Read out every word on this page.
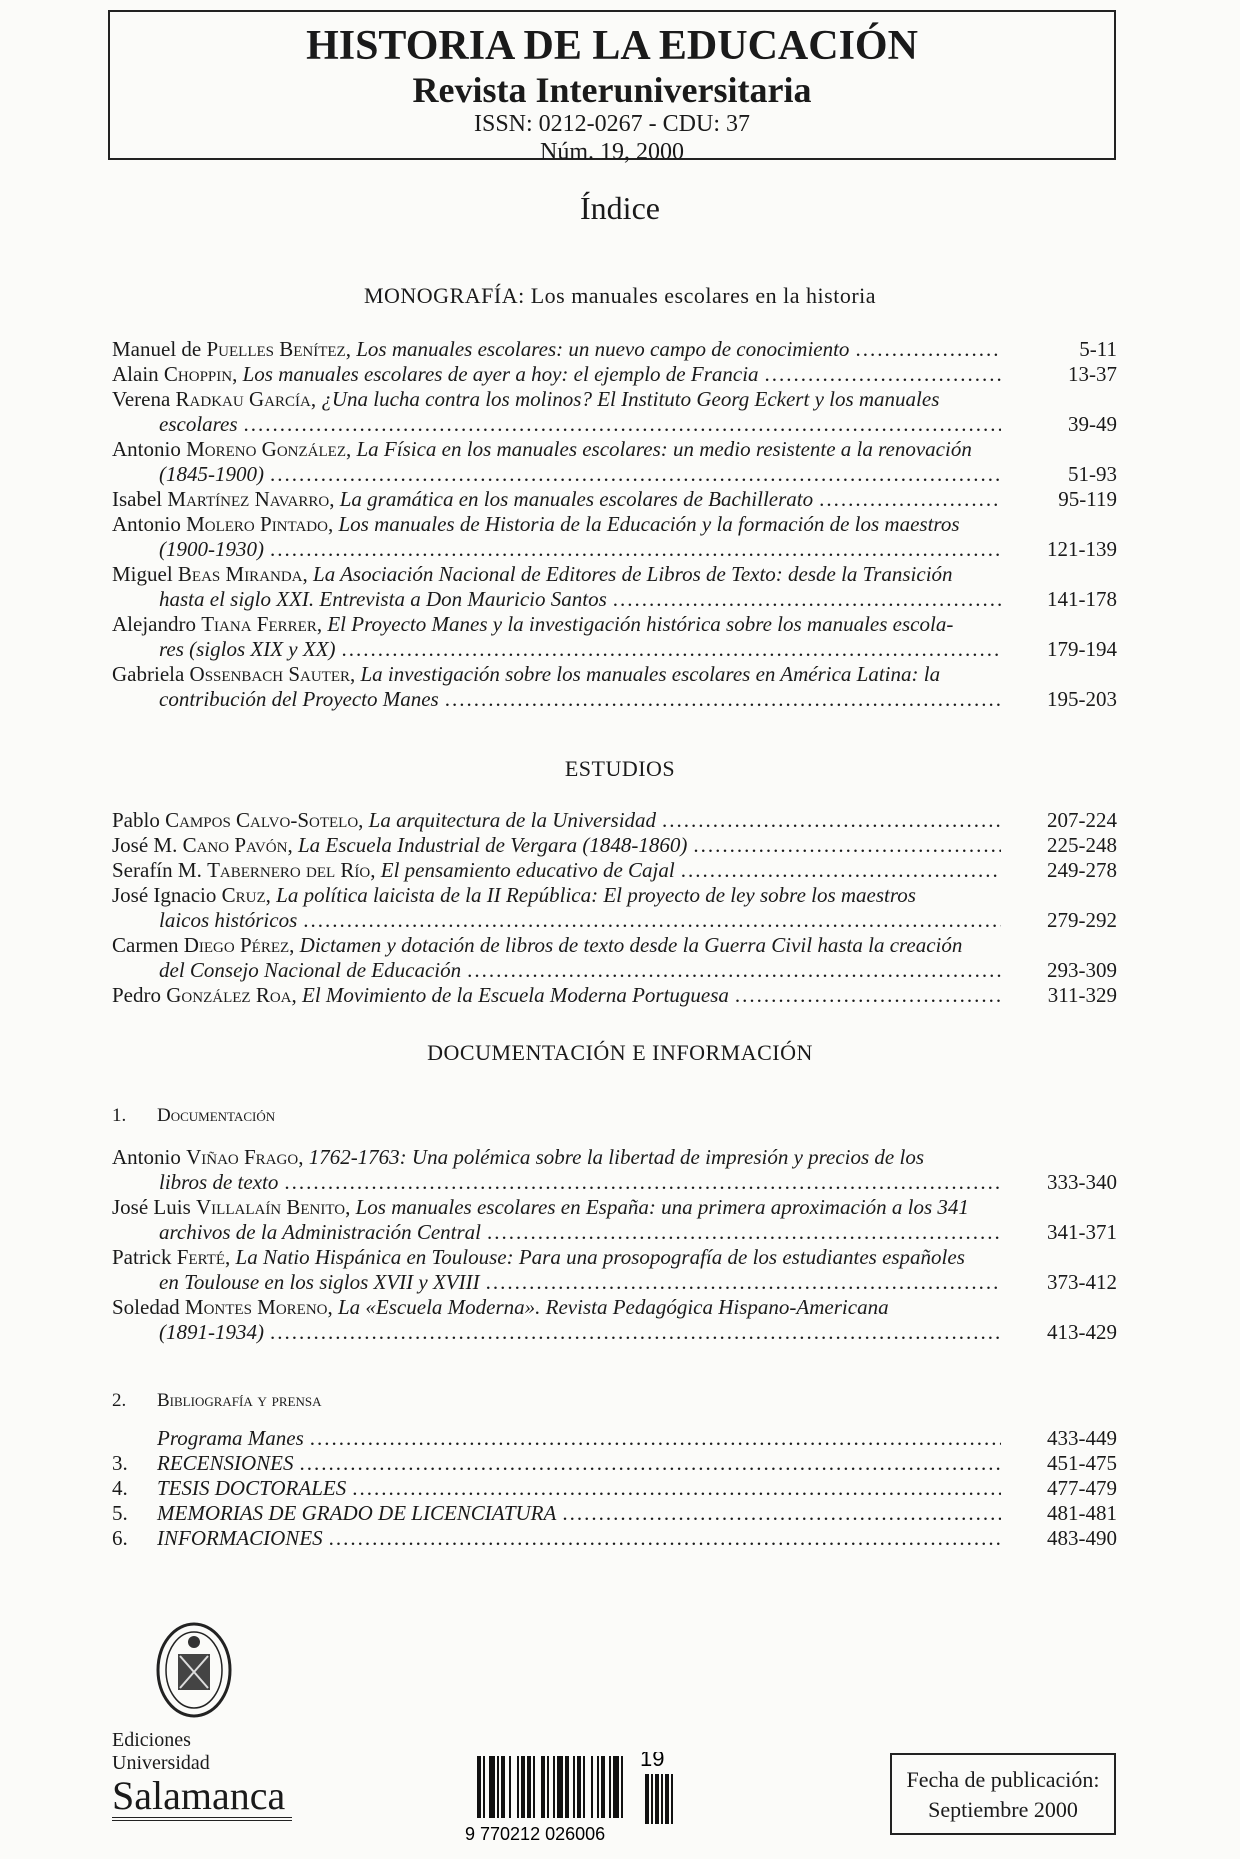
HISTORIA DE LA EDUCACIÓN
Revista Interuniversitaria
ISSN: 0212-0267 - CDU: 37
Núm. 19, 2000
Índice
MONOGRAFÍA: Los manuales escolares en la historia
Manuel de Puelles Benítez, Los manuales escolares: un nuevo campo de conocimiento .....	5-11
Alain Choppin, Los manuales escolares de ayer a hoy: el ejemplo de Francia .....	13-37
Verena Radkau García, ¿Una lucha contra los molinos? El Instituto Georg Eckert y los manuales
escolares .....	39-49
Antonio Moreno González, La Física en los manuales escolares: un medio resistente a la renovación
(1845-1900) .....	51-93
Isabel Martínez Navarro, La gramática en los manuales escolares de Bachillerato .....	95-119
Antonio Molero Pintado, Los manuales de Historia de la Educación y la formación de los maestros
(1900-1930) .....	121-139
Miguel Beas Miranda, La Asociación Nacional de Editores de Libros de Texto: desde la Transición
hasta el siglo XXI. Entrevista a Don Mauricio Santos .....	141-178
Alejandro Tiana Ferrer, El Proyecto Manes y la investigación histórica sobre los manuales escola-
res (siglos XIX y XX) .....	179-194
Gabriela Ossenbach Sauter, La investigación sobre los manuales escolares en América Latina: la
contribución del Proyecto Manes .....	195-203
ESTUDIOS
Pablo Campos Calvo-Sotelo, La arquitectura de la Universidad .....	207-224
José M. Cano Pavón, La Escuela Industrial de Vergara (1848-1860) .....	225-248
Serafín M. Tabernero del Río, El pensamiento educativo de Cajal .....	249-278
José Ignacio Cruz, La política laicista de la II República: El proyecto de ley sobre los maestros
laicos históricos .....	279-292
Carmen Diego Pérez, Dictamen y dotación de libros de texto desde la Guerra Civil hasta la creación
del Consejo Nacional de Educación .....	293-309
Pedro González Roa, El Movimiento de la Escuela Moderna Portuguesa .....	311-329
DOCUMENTACIÓN E INFORMACIÓN
1. Documentación
Antonio Viñao Frago, 1762-1763: Una polémica sobre la libertad de impresión y precios de los
libros de texto .....	333-340
José Luis Villalaín Benito, Los manuales escolares en España: una primera aproximación a los 341
archivos de la Administración Central .....	341-371
Patrick Ferté, La Natio Hispánica en Toulouse: Para una prosopografía de los estudiantes españoles
en Toulouse en los siglos XVII y XVIII .....	373-412
Soledad Montes Moreno, La «Escuela Moderna». Revista Pedagógica Hispano-Americana
(1891-1934) .....	413-429
2. Bibliografía y prensa
Programa Manes .....	433-449
3.	RECENSIONES .....	451-475
4.	TESIS DOCTORALES .....	477-479
5.	MEMORIAS DE GRADO DE LICENCIATURA .....	481-481
6.	INFORMACIONES .....	483-490
Ediciones Universidad
Salamanca
19
9 770212 026006
Fecha de publicación:
Septiembre 2000
